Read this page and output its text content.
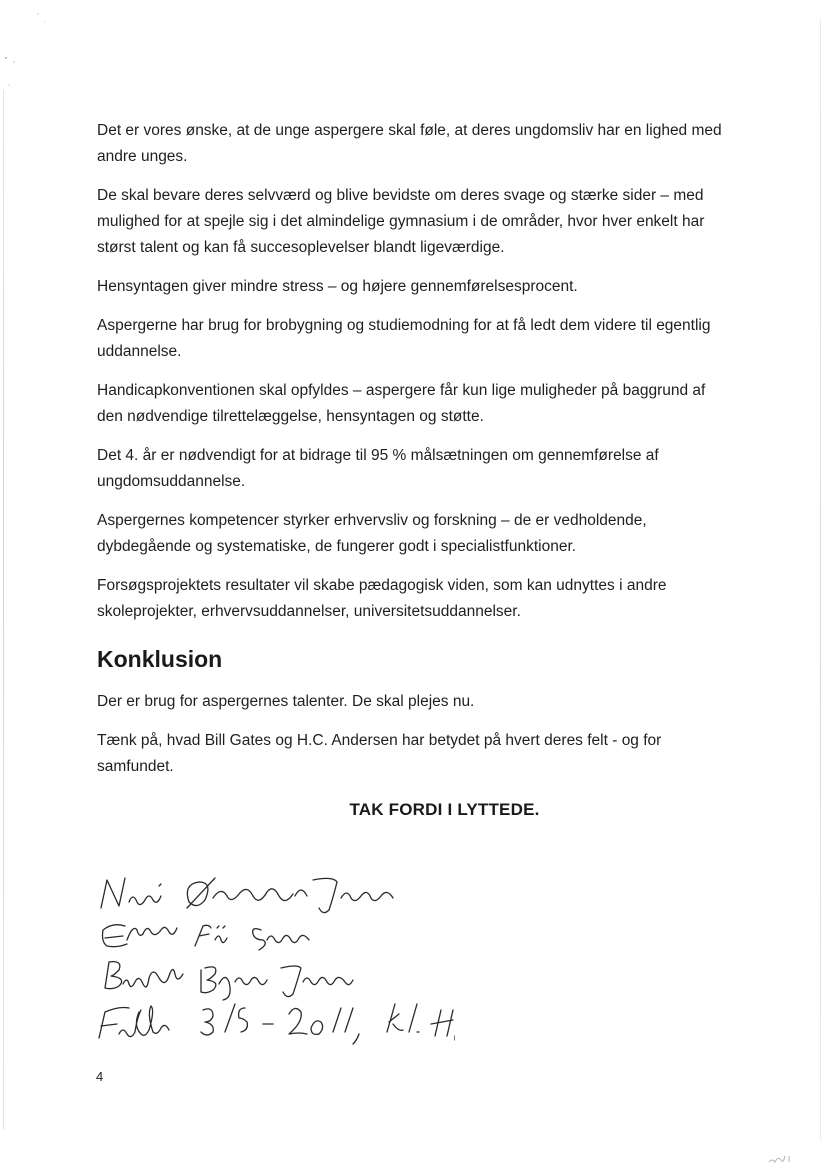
Det er vores ønske, at de unge aspergere skal føle, at deres ungdomsliv har en lighed med andre unges.

De skal bevare deres selvværd og blive bevidste om deres svage og stærke sider – med mulighed for at spejle sig i det almindelige gymnasium i de områder, hvor hver enkelt har størst talent og kan få succesoplevelser blandt ligeværdige.

Hensyntagen giver mindre stress – og højere gennemførelsesprocent.

Aspergerne har brug for brobygning og studiemodning for at få ledt dem videre til egentlig uddannelse.

Handicapkonventionen skal opfyldes – aspergere får kun lige muligheder på baggrund af den nødvendige tilrettelæggelse, hensyntagen og støtte.

Det 4. år er nødvendigt for at bidrage til 95 % målsætningen om gennemførelse af ungdomsuddannelse.

Aspergernes kompetencer styrker erhvervsliv og forskning – de er vedholdende, dybdegående og systematiske, de fungerer godt i specialistfunktioner.

Forsøgsprojektets resultater vil skabe pædagogisk viden, som kan udnyttes i andre skoleprojekter, erhvervsuddannelser, universitetsuddannelser.

Konklusion

Der er brug for aspergernes talenter. De skal plejes nu.

Tænk på, hvad Bill Gates og H.C. Andersen har betydet på hvert deres felt - og for samfundet.

TAK FORDI I LYTTEDE.
4
